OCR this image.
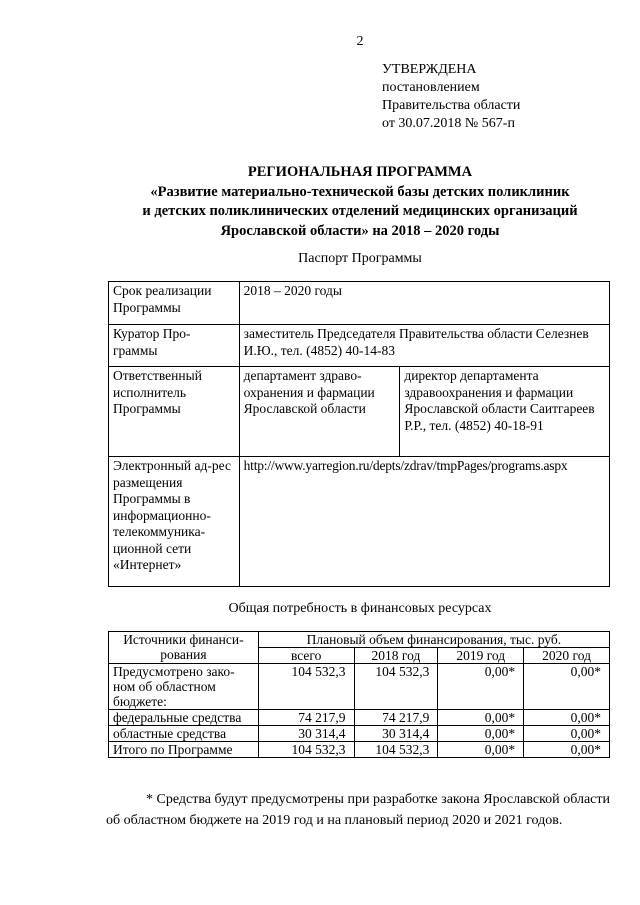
2
УТВЕРЖДЕНА
постановлением
Правительства области
от 30.07.2018 № 567-п
РЕГИОНАЛЬНАЯ ПРОГРАММА
«Развитие материально-технической базы детских поликлиник
и детских поликлинических отделений медицинских организаций
Ярославской области» на 2018 – 2020 годы
Паспорт Программы
Срок реализации Программы	2018 – 2020 годы	
Куратор Про-граммы	заместитель Председателя Правительства области Селезнев И.Ю., тел. (4852) 40-14-83	
Ответственный исполнитель Программы	департамент здраво-охранения и фармации Ярославской области	директор департамента здравоохранения и фармации Ярославской области Саитгареев Р.Р., тел. (4852) 40-18-91
Электронный ад-рес размещения Программы в информационно-телекоммуника-ционной сети «Интернет»	http://www.yarregion.ru/depts/zdrav/tmpPages/programs.aspx	
Общая потребность в финансовых ресурсах
Источники финанси-рования	Плановый объем финансирования, тыс. руб.			
	всего	2018 год	2019 год	2020 год
Предусмотрено зако-ном об областном бюджете:	104 532,3	104 532,3	0,00*	0,00*
федеральные средства	74 217,9	74 217,9	0,00*	0,00*
областные средства	30 314,4	30 314,4	0,00*	0,00*
Итого по Программе	104 532,3	104 532,3	0,00*	0,00*

* Средства будут предусмотрены при разработке закона Ярославской области об областном бюджете на 2019 год и на плановый период 2020 и 2021 годов.
